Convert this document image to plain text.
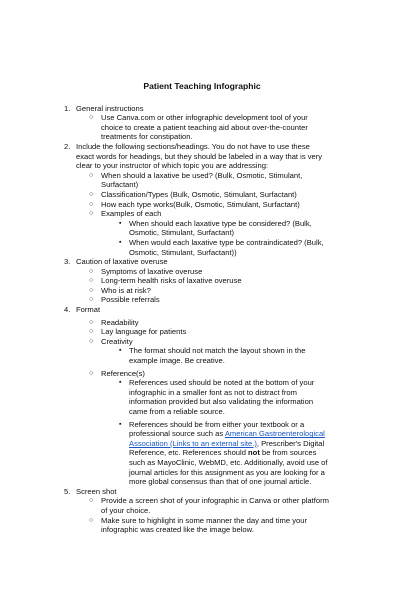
Patient Teaching Infographic
1. General instructions
○ Use Canva.com or other infographic development tool of your choice to create a patient teaching aid about over-the-counter treatments for constipation.
2. Include the following sections/headings. You do not have to use these exact words for headings, but they should be labeled in a way that is very clear to your instructor of which topic you are addressing:
○ When should a laxative be used? (Bulk, Osmotic, Stimulant, Surfactant)
○ Classification/Types (Bulk, Osmotic, Stimulant, Surfactant)
○ How each type works(Bulk, Osmotic, Stimulant, Surfactant)
○ Examples of each
▪ When should each laxative type be considered? (Bulk, Osmotic, Stimulant, Surfactant)
▪ When would each laxative type be contraindicated? (Bulk, Osmotic, Stimulant, Surfactant))
3. Caution of laxative overuse
○ Symptoms of laxative overuse
○ Long-term health risks of laxative overuse
○ Who is at risk?
○ Possible referrals
4. Format
○ Readability
○ Lay language for patients
○ Creativity
▪ The format should not match the layout shown in the example image. Be creative.
○ Reference(s)
▪ References used should be noted at the bottom of your infographic in a smaller font as not to distract from information provided but also validating the information came from a reliable source.
▪ References should be from either your textbook or a professional source such as American Gastroenterological Association (Links to an external site.), Prescriber's Digital Reference, etc. References should not be from sources such as MayoClinic, WebMD, etc. Additionally, avoid use of journal articles for this assignment as you are looking for a more global consensus than that of one journal article.
5. Screen shot
○ Provide a screen shot of your infographic in Canva or other platform of your choice.
○ Make sure to highlight in some manner the day and time your infographic was created like the image below.
